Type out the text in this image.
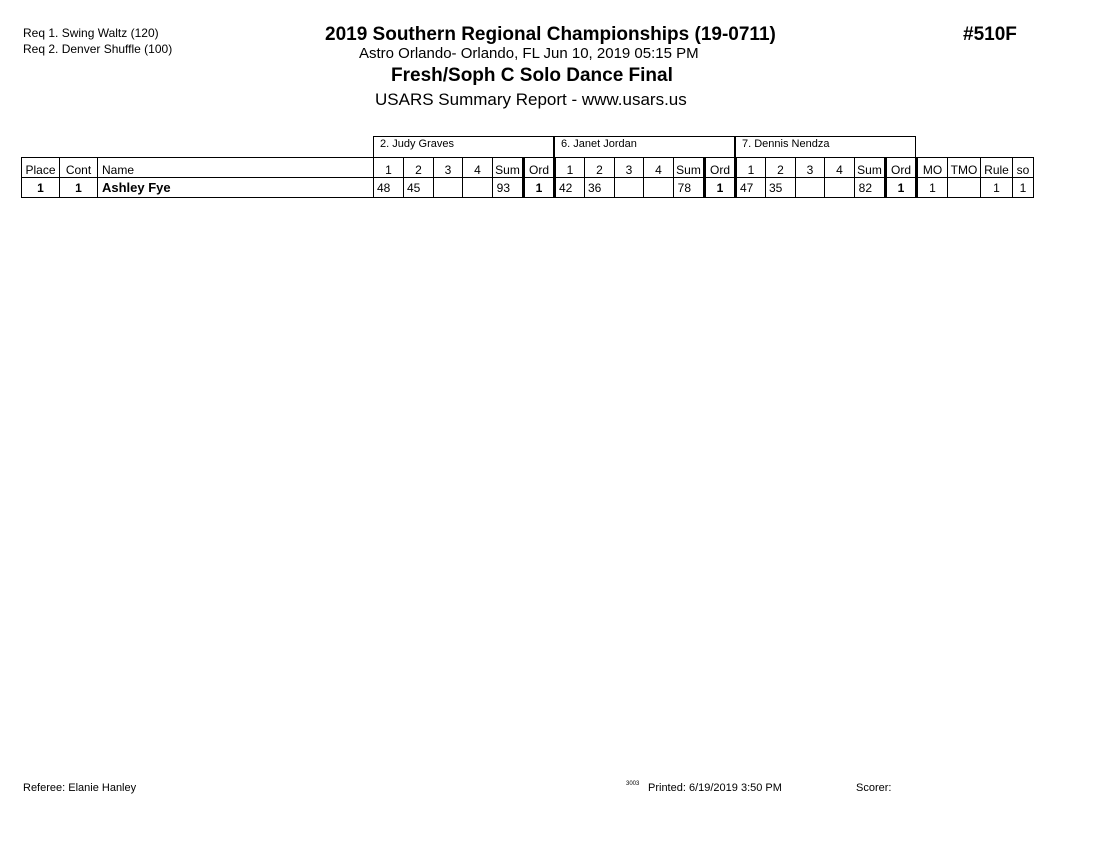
Req 1. Swing Waltz (120)
Req 2. Denver Shuffle (100)
2019 Southern Regional Championships (19-0711)
Astro Orlando- Orlando, FL Jun 10, 2019 05:15 PM
Fresh/Soph C Solo Dance Final
USARS Summary Report - www.usars.us
#510F
2. Judy Graves	6. Janet Jordan	7. Dennis Nendza
Place	Cont	Name	1	2	3	4	Sum	Ord	1	2	3	4	Sum	Ord	1	2	3	4	Sum	Ord	MO	TMO	Rule	so
1	1	Ashley Fye	48	45			93	1	42	36			78	1	47	35			82	1	1		1	1
Referee: Elanie Hanley	3003 Printed: 6/19/2019 3:50 PM	Scorer:
